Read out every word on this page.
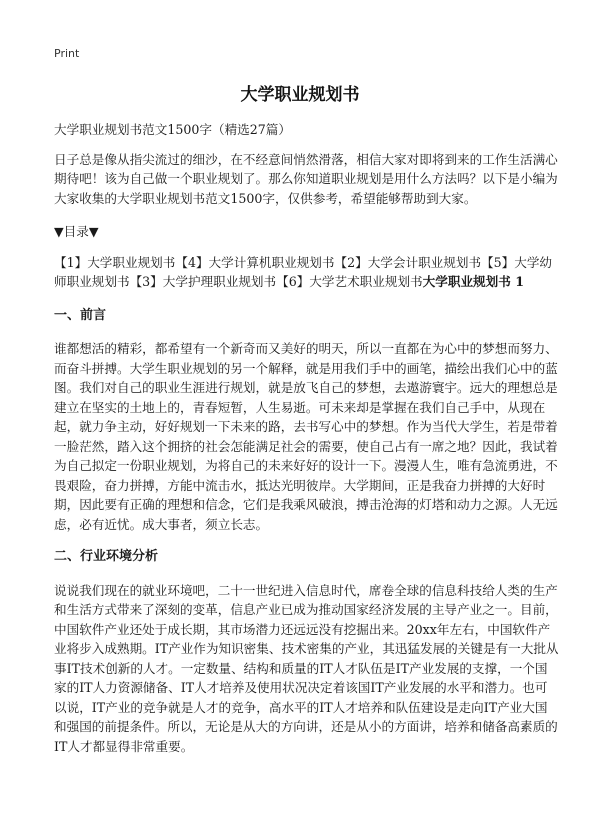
Print
大学职业规划书

大学职业规划书范文1500字（精选27篇）

日子总是像从指尖流过的细沙，在不经意间悄然滑落，相信大家对即将到来的工作生活满心期待吧！该为自己做一个职业规划了。那么你知道职业规划是用什么方法吗？以下是小编为大家收集的大学职业规划书范文1500字，仅供参考，希望能够帮助到大家。

▼目录▼

【1】大学职业规划书【4】大学计算机职业规划书【2】大学会计职业规划书【5】大学幼师职业规划书【3】大学护理职业规划书【6】大学艺术职业规划书大学职业规划书 1

一、前言

谁都想活的精彩，都希望有一个新奇而又美好的明天，所以一直都在为心中的梦想而努力、而奋斗拼搏。大学生职业规划的另一个解释，就是用我们手中的画笔，描绘出我们心中的蓝图。我们对自己的职业生涯进行规划，就是放飞自己的梦想，去遨游寰宇。远大的理想总是建立在坚实的土地上的，青春短暂，人生易逝。可未来却是掌握在我们自己手中，从现在起，就力争主动，好好规划一下未来的路，去书写心中的梦想。作为当代大学生，若是带着一脸茫然，踏入这个拥挤的社会怎能满足社会的需要，使自己占有一席之地？因此，我试着为自己拟定一份职业规划，为将自己的未来好好的设计一下。漫漫人生，唯有急流勇进，不畏艰险，奋力拼搏，方能中流击水，抵达光明彼岸。大学期间，正是我奋力拼搏的大好时期，因此要有正确的理想和信念，它们是我乘风破浪，搏击沧海的灯塔和动力之源。人无远虑，必有近忧。成大事者，须立长志。

二、行业环境分析

说说我们现在的就业环境吧，二十一世纪进入信息时代，席卷全球的信息科技给人类的生产和生活方式带来了深刻的变革，信息产业已成为推动国家经济发展的主导产业之一。目前，中国软件产业还处于成长期，其市场潜力还远远没有挖掘出来。20xx年左右，中国软件产业将步入成熟期。IT产业作为知识密集、技术密集的产业，其迅猛发展的关键是有一大批从事IT技术创新的人才。一定数量、结构和质量的IT人才队伍是IT产业发展的支撑，一个国家的IT人力资源储备、IT人才培养及使用状况决定着该国IT产业发展的水平和潜力。也可以说，IT产业的竞争就是人才的竞争，高水平的IT人才培养和队伍建设是走向IT产业大国和强国的前提条件。所以，无论是从大的方向讲，还是从小的方面讲，培养和储备高素质的IT人才都显得非常重要。
